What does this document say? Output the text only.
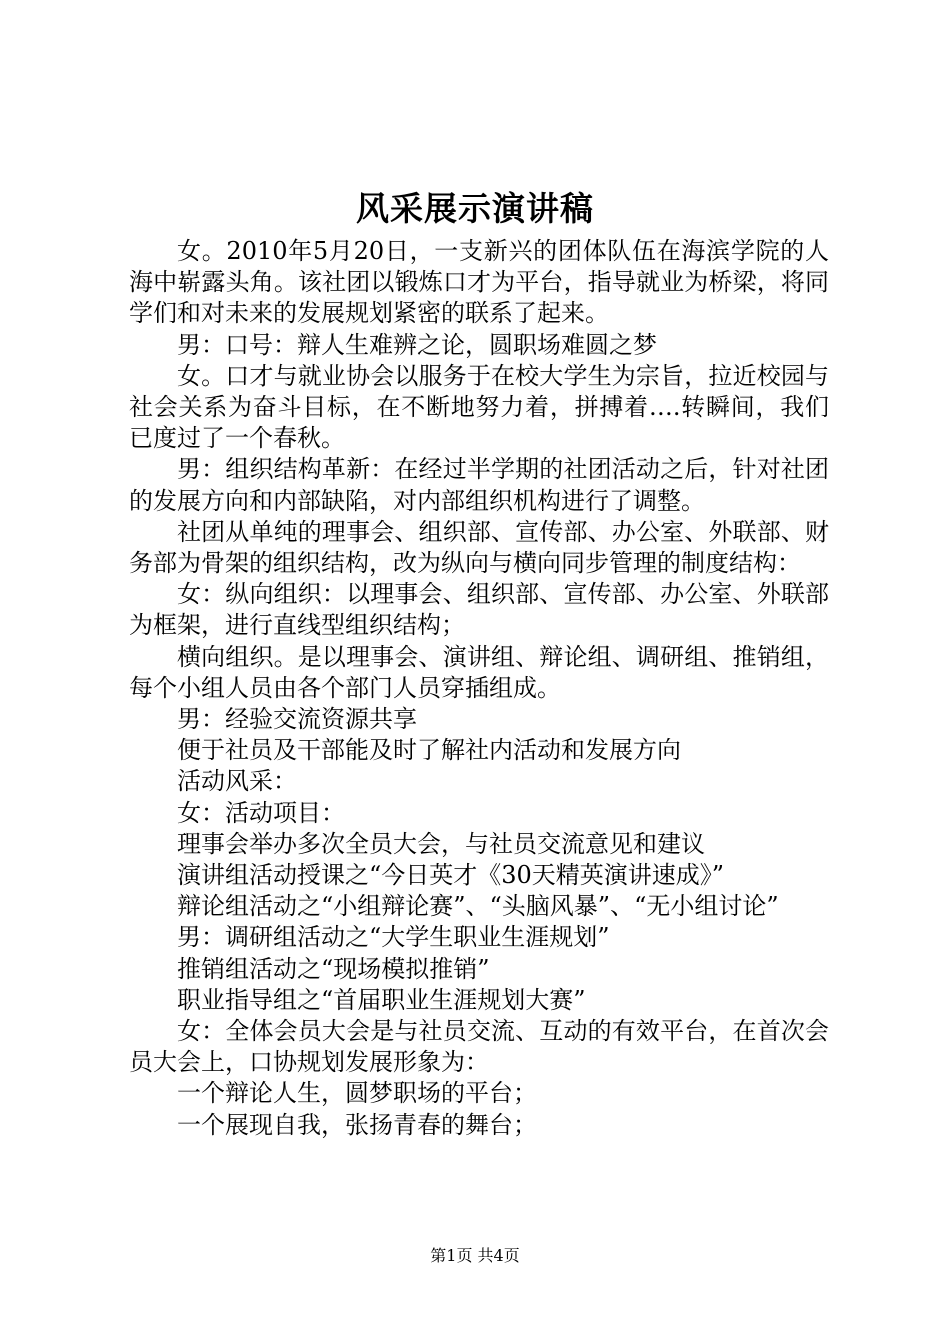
风采展示演讲稿

女。2010年5月20日，一支新兴的团体队伍在海滨学院的人海中崭露头角。该社团以锻炼口才为平台，指导就业为桥梁，将同学们和对未来的发展规划紧密的联系了起来。

男：口号：辩人生难辨之论，圆职场难圆之梦

女。口才与就业协会以服务于在校大学生为宗旨，拉近校园与社会关系为奋斗目标，在不断地努力着，拼搏着….转瞬间，我们已度过了一个春秋。

男：组织结构革新：在经过半学期的社团活动之后，针对社团的发展方向和内部缺陷，对内部组织机构进行了调整。

社团从单纯的理事会、组织部、宣传部、办公室、外联部、财务部为骨架的组织结构，改为纵向与横向同步管理的制度结构：

女：纵向组织：以理事会、组织部、宣传部、办公室、外联部为框架，进行直线型组织结构；

横向组织。是以理事会、演讲组、辩论组、调研组、推销组，每个小组人员由各个部门人员穿插组成。

男：经验交流资源共享

便于社员及干部能及时了解社内活动和发展方向

活动风采：

女：活动项目：

理事会举办多次全员大会，与社员交流意见和建议

演讲组活动授课之“今日英才《30天精英演讲速成》”

辩论组活动之“小组辩论赛”、“头脑风暴”、“无小组讨论”

男：调研组活动之“大学生职业生涯规划”

推销组活动之“现场模拟推销”

职业指导组之“首届职业生涯规划大赛”

女：全体会员大会是与社员交流、互动的有效平台，在首次会员大会上，口协规划发展形象为：

一个辩论人生，圆梦职场的平台；

一个展现自我，张扬青春的舞台；

第1页 共4页
